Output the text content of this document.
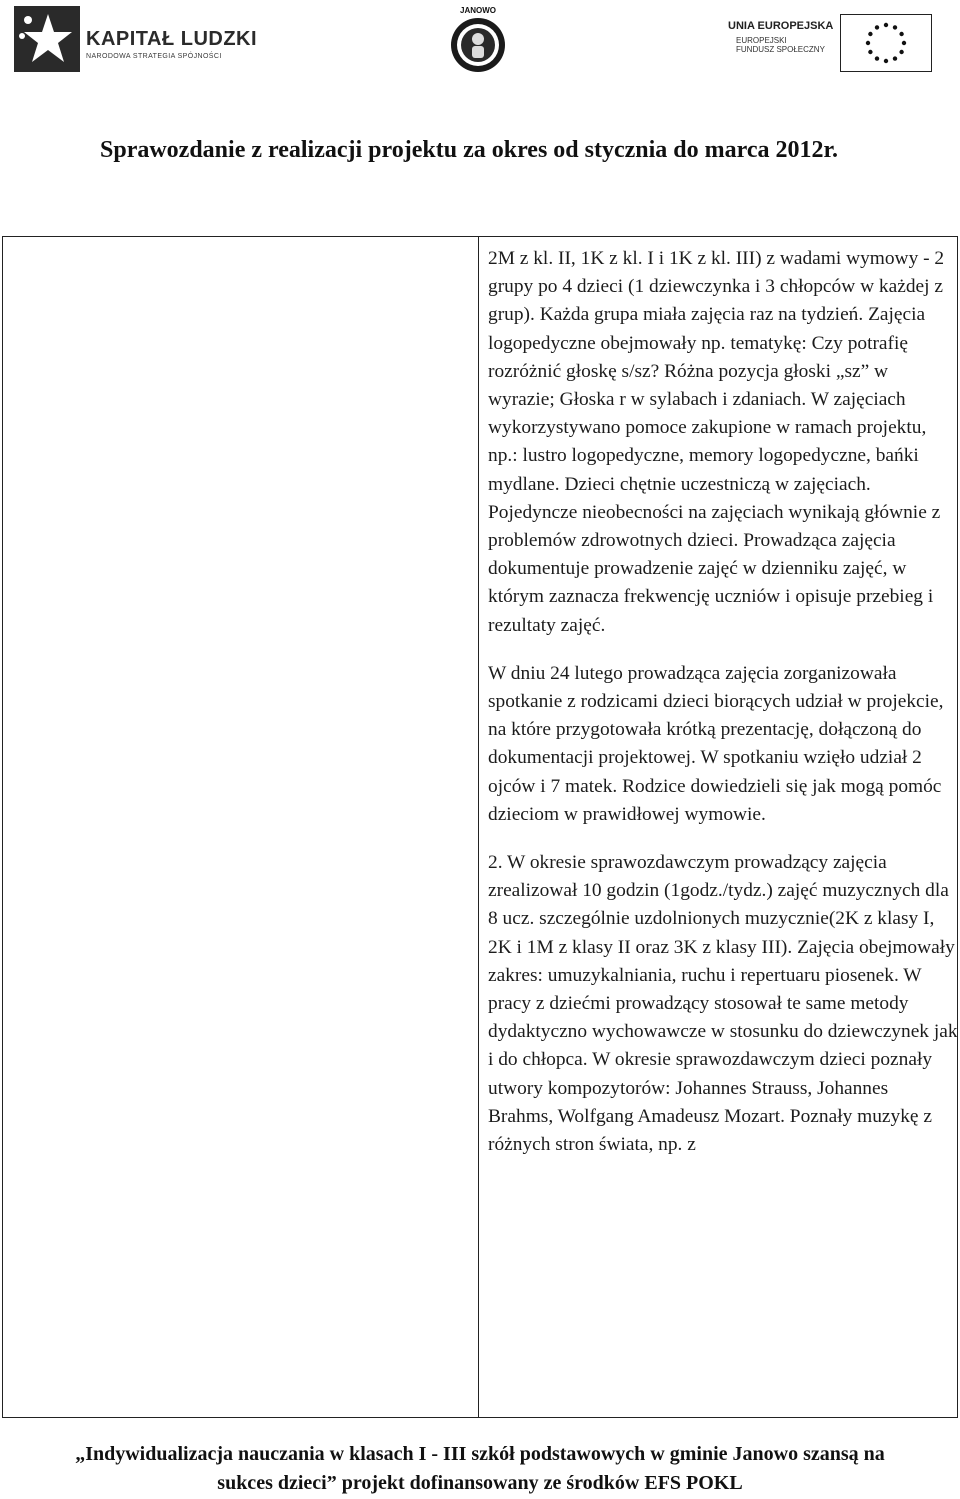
KAPITAŁ LUDZKI
NARODOWA STRATEGIA SPÓJNOŚCI
JANOWO
UNIA EUROPEJSKA
EUROPEJSKI
FUNDUSZ SPOŁECZNY
Sprawozdanie z realizacji projektu za okres od stycznia do marca 2012r.

2M z kl. II, 1K z kl. I i 1K z kl. III) z wadami wymowy - 2 grupy po 4 dzieci (1 dziewczynka i 3 chłopców w każdej z grup). Każda grupa miała zajęcia raz na tydzień. Zajęcia logopedyczne obejmowały np. tematykę: Czy potrafię rozróżnić głoskę s/sz? Różna pozycja głoski „sz” w wyrazie; Głoska r w sylabach i zdaniach. W zajęciach wykorzystywano pomoce zakupione w ramach projektu, np.: lustro logopedyczne, memory logopedyczne, bańki mydlane. Dzieci chętnie uczestniczą w zajęciach. Pojedyncze nieobecności na zajęciach wynikają głównie z problemów zdrowotnych dzieci. Prowadząca zajęcia dokumentuje prowadzenie zajęć w dzienniku zajęć, w którym zaznacza frekwencję uczniów i opisuje przebieg i rezultaty zajęć.

W dniu 24 lutego prowadząca zajęcia zorganizowała spotkanie z rodzicami dzieci biorących udział w projekcie, na które przygotowała krótką prezentację, dołączoną do dokumentacji projektowej. W spotkaniu wzięło udział 2 ojców i 7 matek. Rodzice dowiedzieli się jak mogą pomóc dzieciom w prawidłowej wymowie.

2. W okresie sprawozdawczym prowadzący zajęcia zrealizował 10 godzin (1godz./tydz.) zajęć muzycznych dla 8 ucz. szczególnie uzdolnionych muzycznie(2K z klasy I, 2K i 1M z klasy II oraz 3K z klasy III). Zajęcia obejmowały zakres: umuzykalniania, ruchu i repertuaru piosenek. W pracy z dziećmi prowadzący stosował te same metody dydaktyczno wychowawcze w stosunku do dziewczynek jak i do chłopca. W okresie sprawozdawczym dzieci poznały utwory kompozytorów: Johannes Strauss, Johannes Brahms, Wolfgang Amadeusz Mozart. Poznały muzykę z różnych stron świata, np. z

„Indywidualizacja nauczania w klasach I - III szkół podstawowych w gminie Janowo szansą na
sukces dzieci” projekt dofinansowany ze środków EFS POKL
